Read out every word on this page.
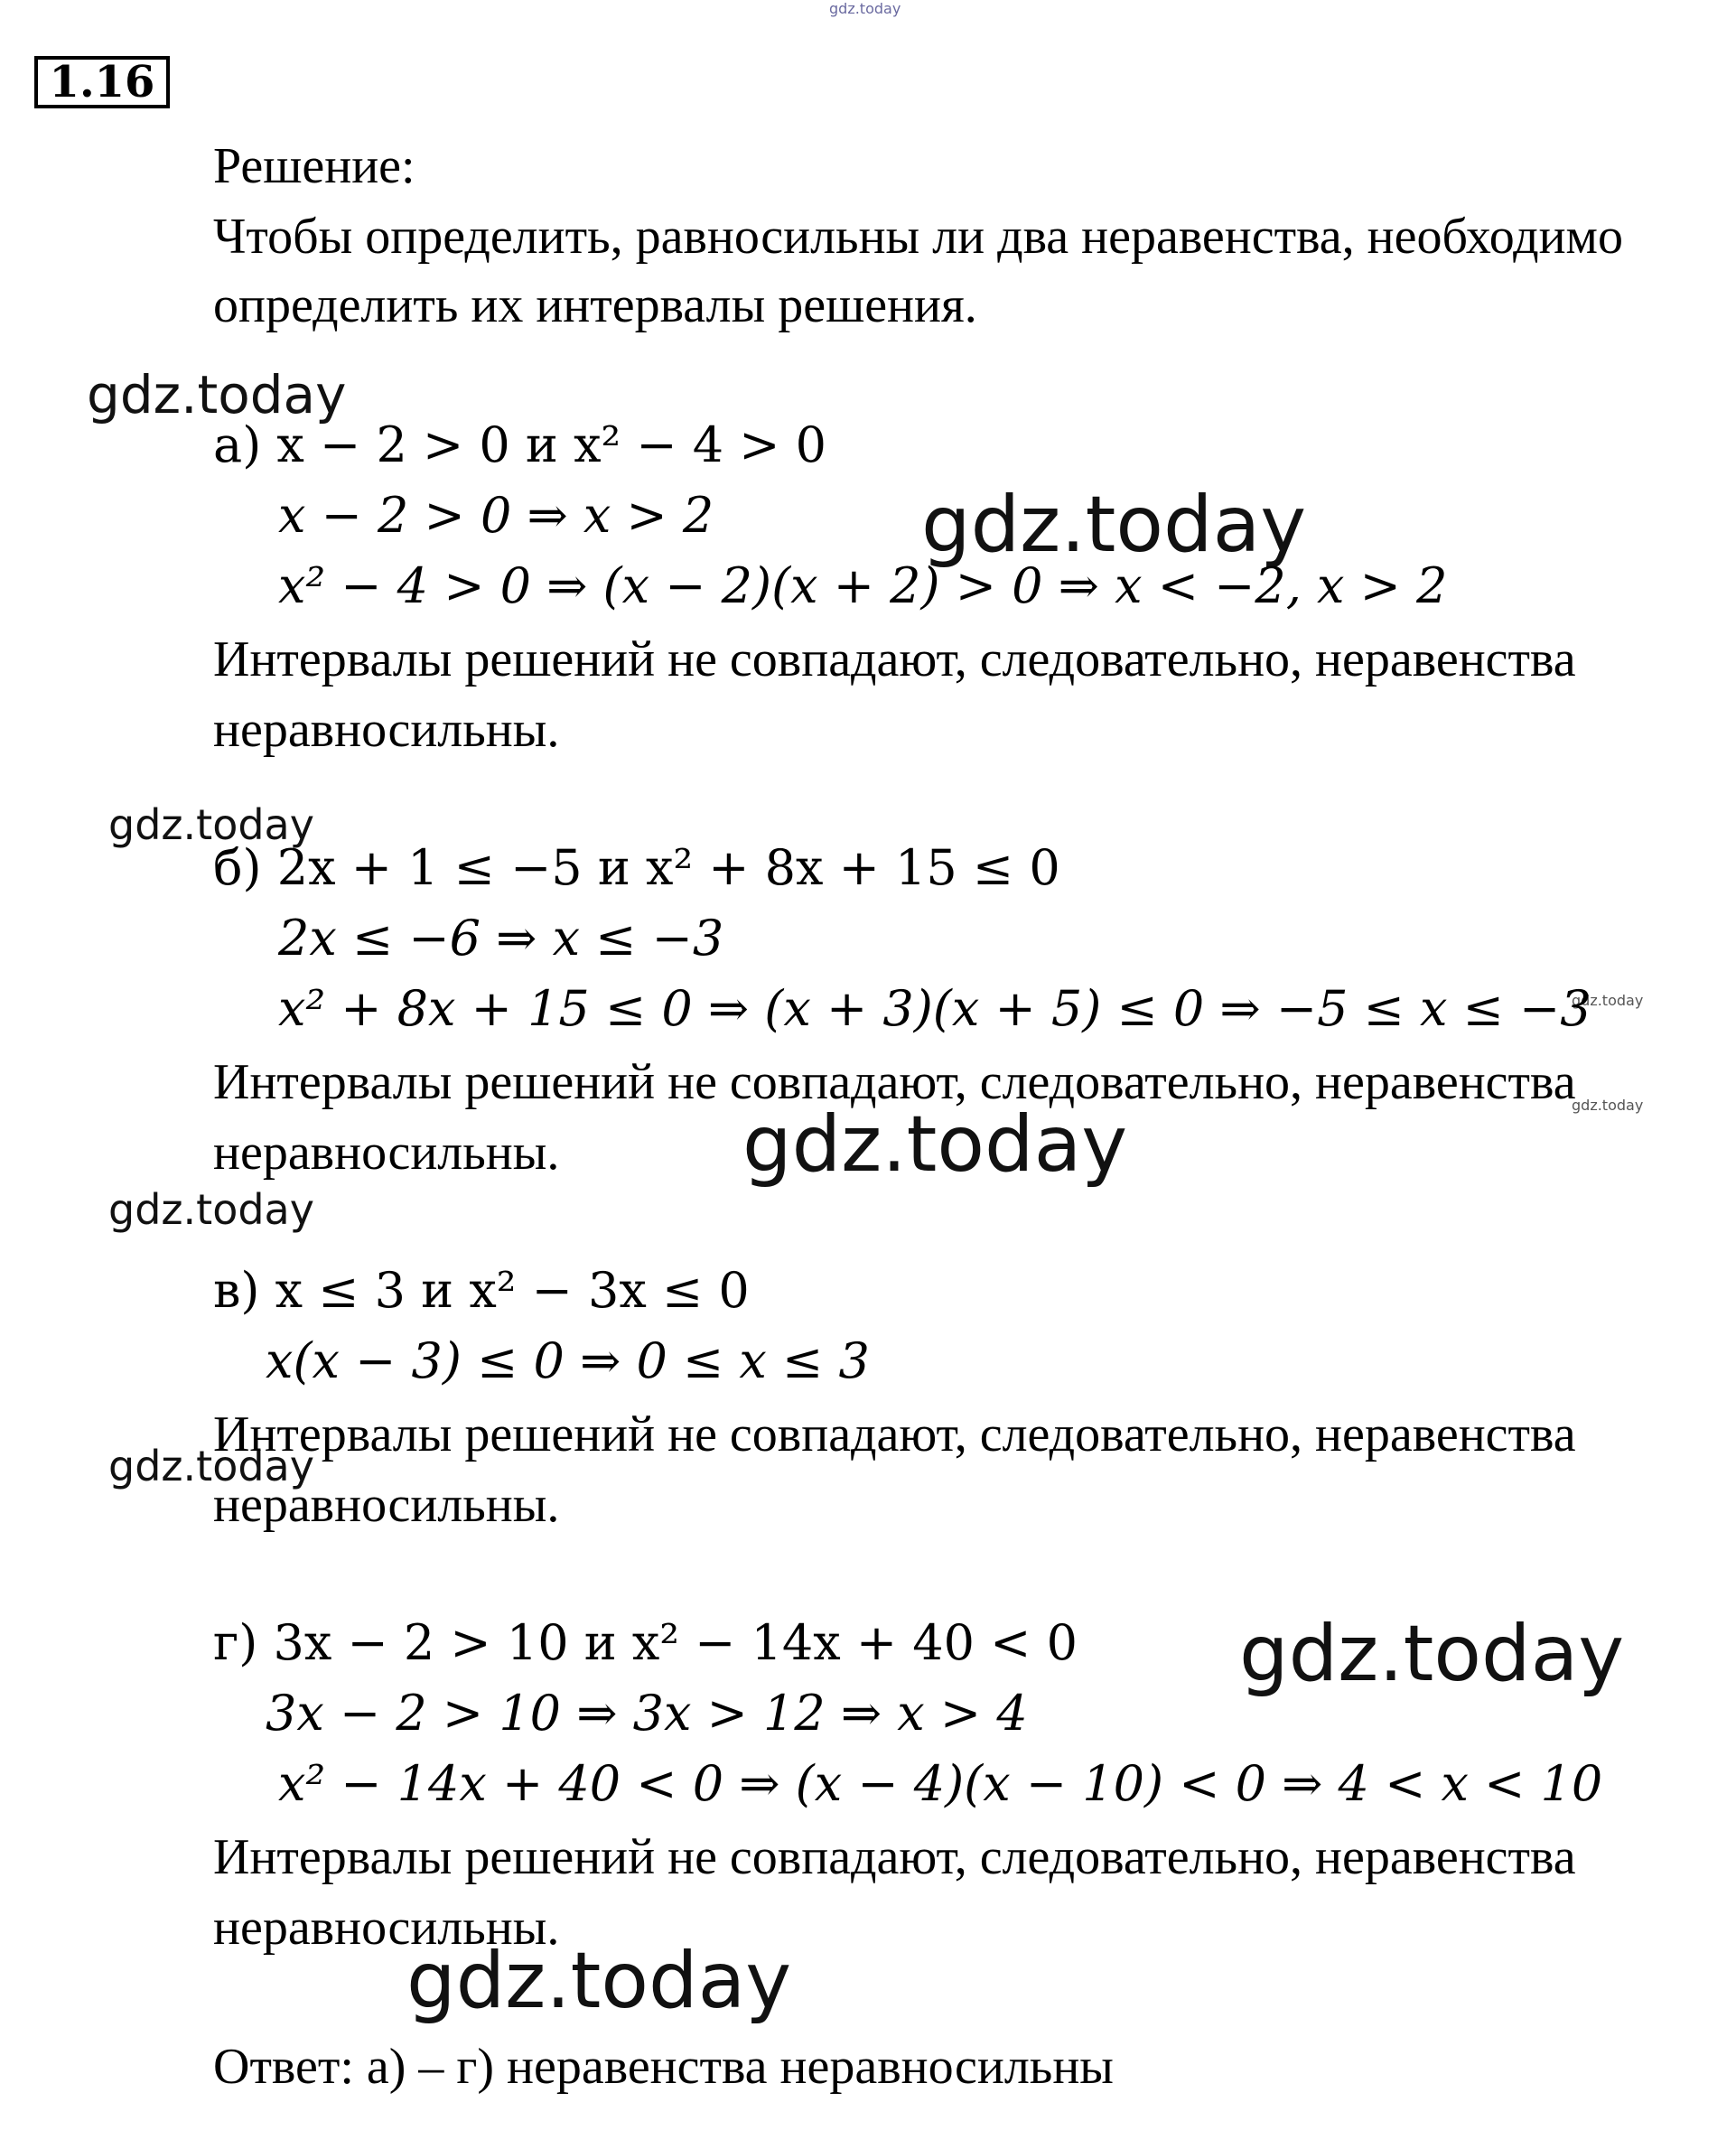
gdz.today
gdz.today
gdz.today
gdz.today
gdz.today
gdz.today
gdz.today
gdz.today
gdz.today
gdz.today
gdz.today
1.16
Решение:
Чтобы определить, равносильны ли два неравенства, необходимо
определить их интервалы решения.
а) x − 2 > 0 и x² − 4 > 0
x − 2 > 0 ⇒ x > 2
x² − 4 > 0 ⇒ (x − 2)(x + 2) > 0 ⇒ x < −2, x > 2
Интервалы решений не совпадают, следовательно, неравенства
неравносильны.
б) 2x + 1 ≤ −5 и x² + 8x + 15 ≤ 0
2x ≤ −6 ⇒ x ≤ −3
x² + 8x + 15 ≤ 0 ⇒ (x + 3)(x + 5) ≤ 0 ⇒ −5 ≤ x ≤ −3
Интервалы решений не совпадают, следовательно, неравенства
неравносильны.
в) x ≤ 3 и x² − 3x ≤ 0
x(x − 3) ≤ 0 ⇒ 0 ≤ x ≤ 3
Интервалы решений не совпадают, следовательно, неравенства
неравносильны.
г) 3x − 2 > 10 и x² − 14x + 40 < 0
3x − 2 > 10 ⇒ 3x > 12 ⇒ x > 4
x² − 14x + 40 < 0 ⇒ (x − 4)(x − 10) < 0 ⇒ 4 < x < 10
Интервалы решений не совпадают, следовательно, неравенства
неравносильны.
Ответ: а) – г) неравенства неравносильны
